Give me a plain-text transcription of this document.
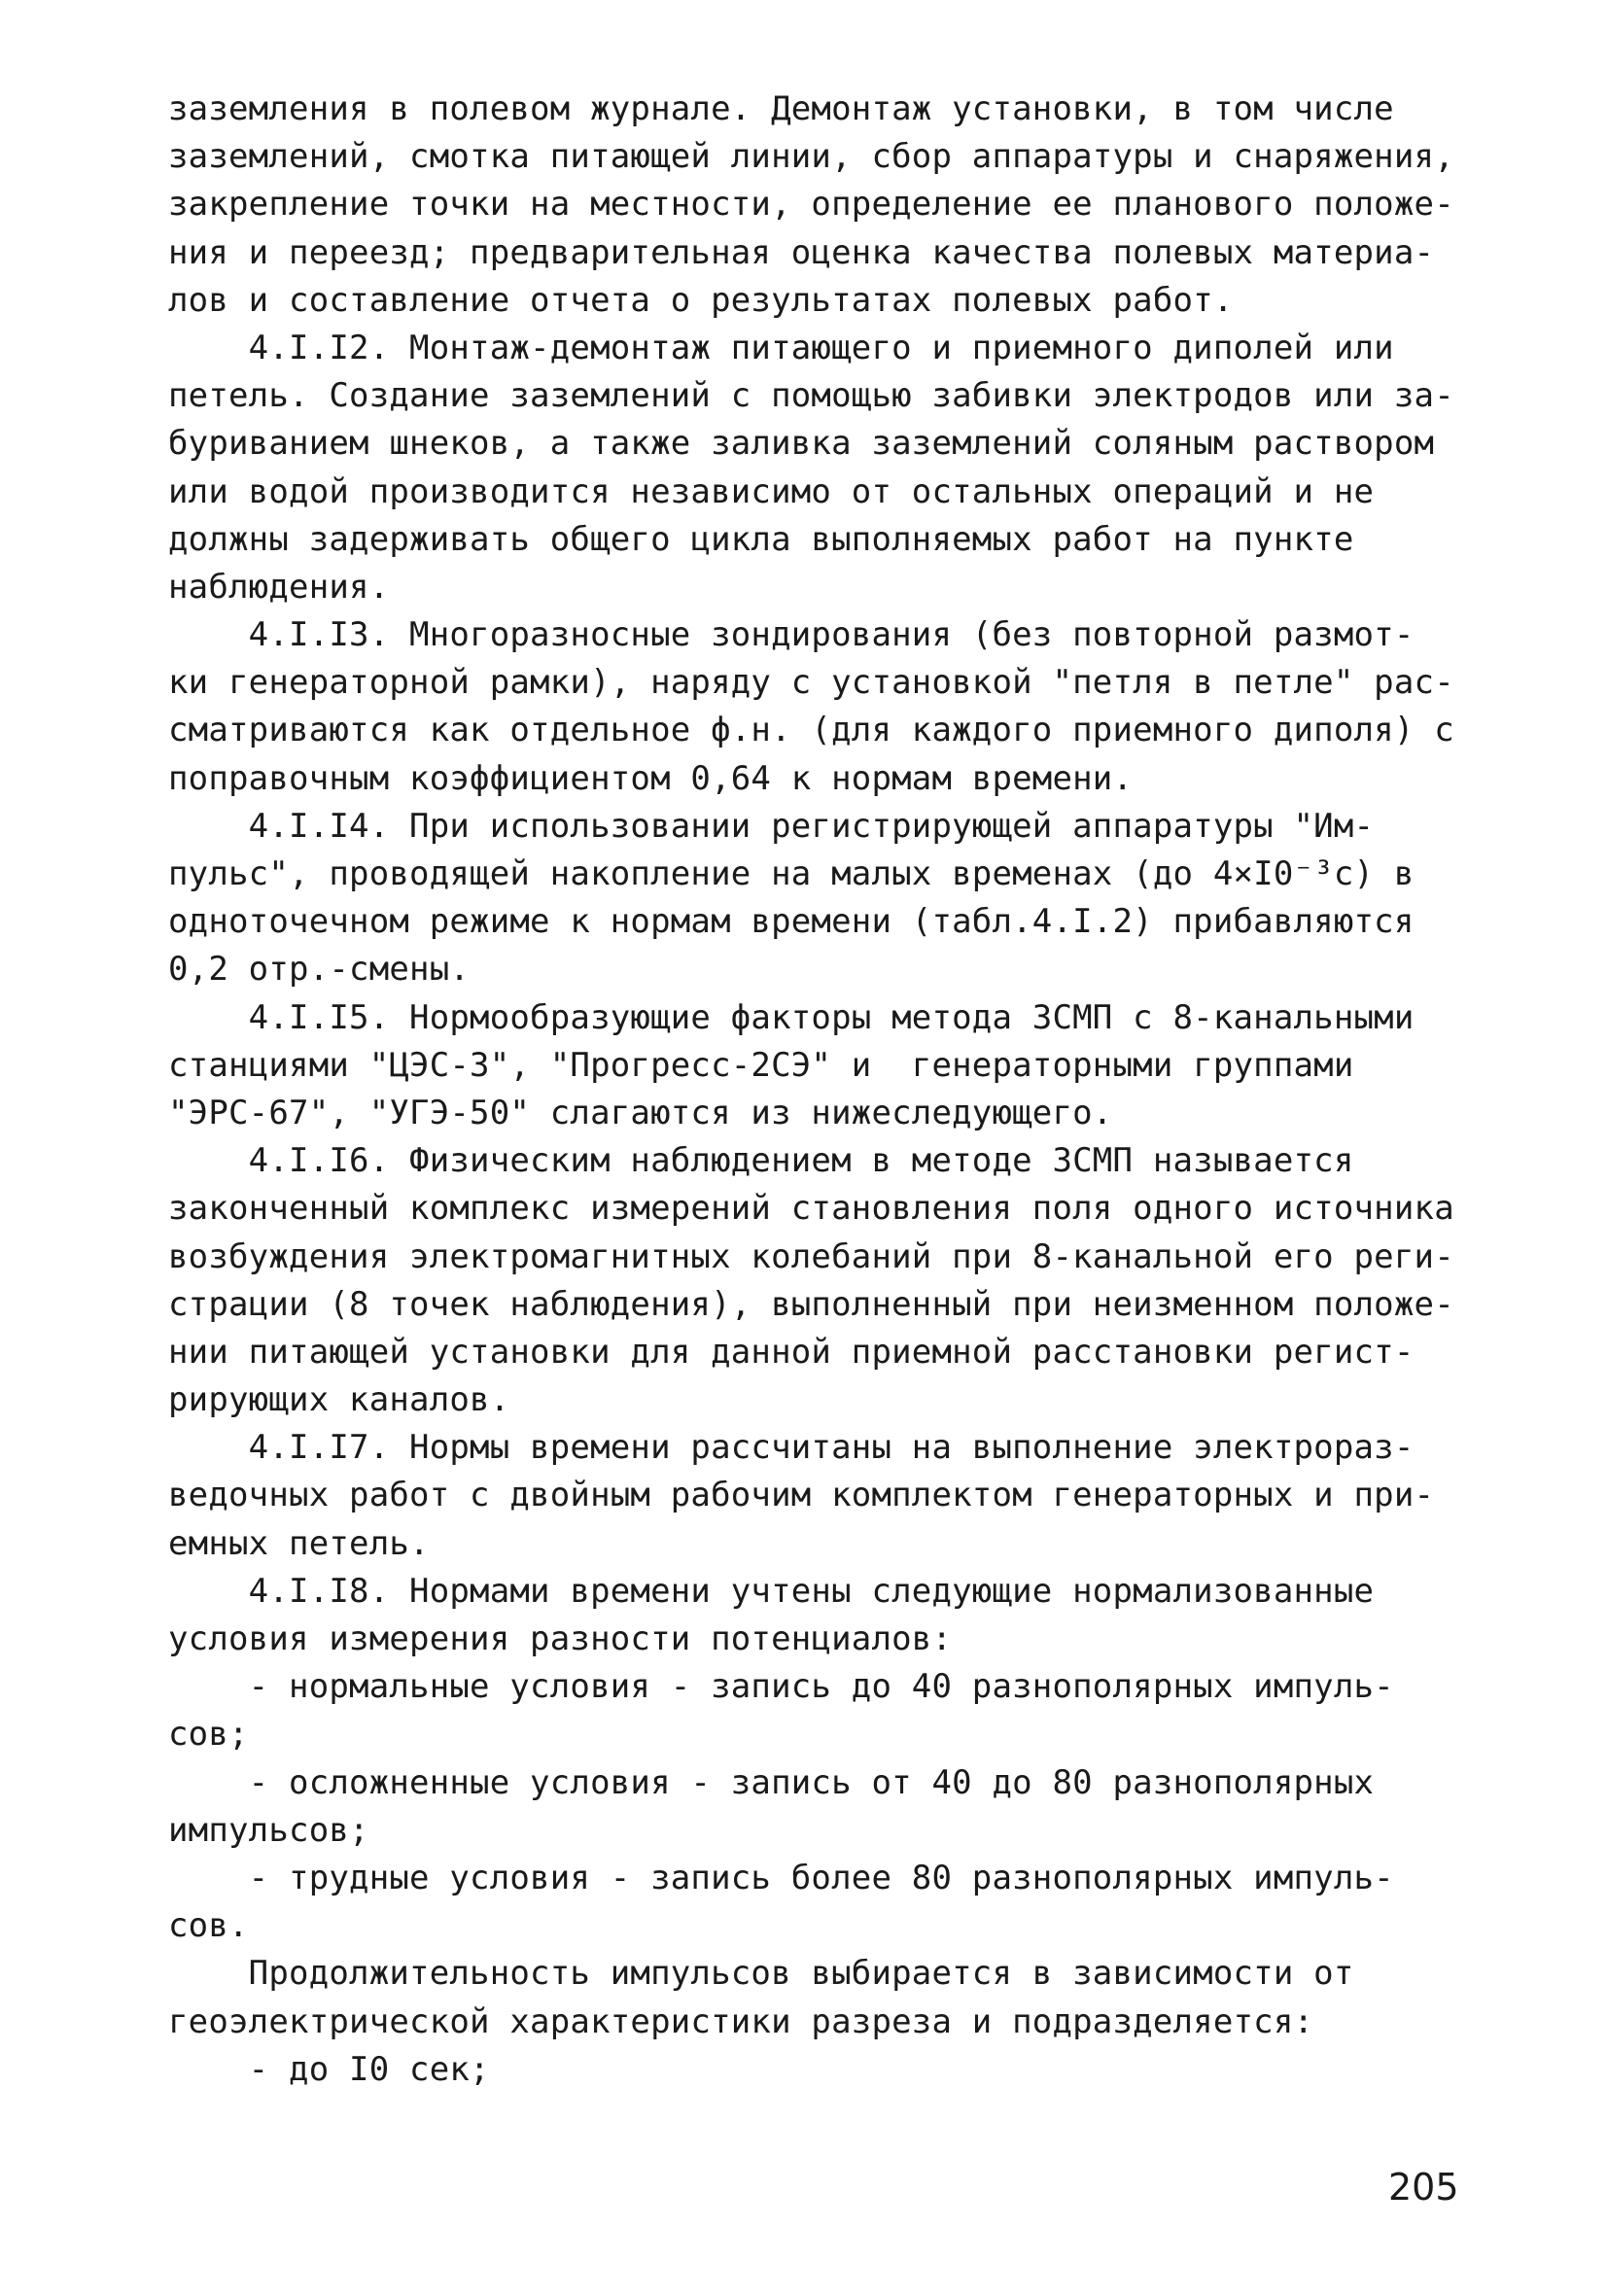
заземления в полевом журнале. Демонтаж установки, в том числе
заземлений, смотка питающей линии, сбор аппаратуры и снаряжения,
закрепление точки на местности, определение ее планового положе-
ния и переезд; предварительная оценка качества полевых материа-
лов и составление отчета о результатах полевых работ.
4.I.I2. Монтаж-демонтаж питающего и приемного диполей или
петель. Создание заземлений с помощью забивки электродов или за-
буриванием шнеков, а также заливка заземлений соляным раствором
или водой производится независимо от остальных операций и не
должны задерживать общего цикла выполняемых работ на пункте
наблюдения.
4.I.I3. Многоразносные зондирования (без повторной размот-
ки генераторной рамки), наряду с установкой "петля в петле" рас-
сматриваются как отдельное ф.н. (для каждого приемного диполя) с
поправочным коэффициентом 0,64 к нормам времени.
4.I.I4. При использовании регистрирующей аппаратуры "Им-
пульс", проводящей накопление на малых временах (до 4×I0⁻³с) в
одноточечном режиме к нормам времени (табл.4.I.2) прибавляются
0,2 отр.-смены.
4.I.I5. Нормообразующие факторы метода ЗСМП с 8-канальными
станциями "ЦЭС-3", "Прогресс-2СЭ" и  генераторными группами
"ЭРС-67", "УГЭ-50" слагаются из нижеследующего.
4.I.I6. Физическим наблюдением в методе ЗСМП называется
законченный комплекс измерений становления поля одного источника
возбуждения электромагнитных колебаний при 8-канальной его реги-
страции (8 точек наблюдения), выполненный при неизменном положе-
нии питающей установки для данной приемной расстановки регист-
рирующих каналов.
4.I.I7. Нормы времени рассчитаны на выполнение электрораз-
ведочных работ с двойным рабочим комплектом генераторных и при-
емных петель.
4.I.I8. Нормами времени учтены следующие нормализованные
условия измерения разности потенциалов:
- нормальные условия - запись до 40 разнополярных импуль-
сов;
- осложненные условия - запись от 40 до 80 разнополярных
импульсов;
- трудные условия - запись более 80 разнополярных импуль-
сов.
Продолжительность импульсов выбирается в зависимости от
геоэлектрической характеристики разреза и подразделяется:
- до I0 сек;
205
